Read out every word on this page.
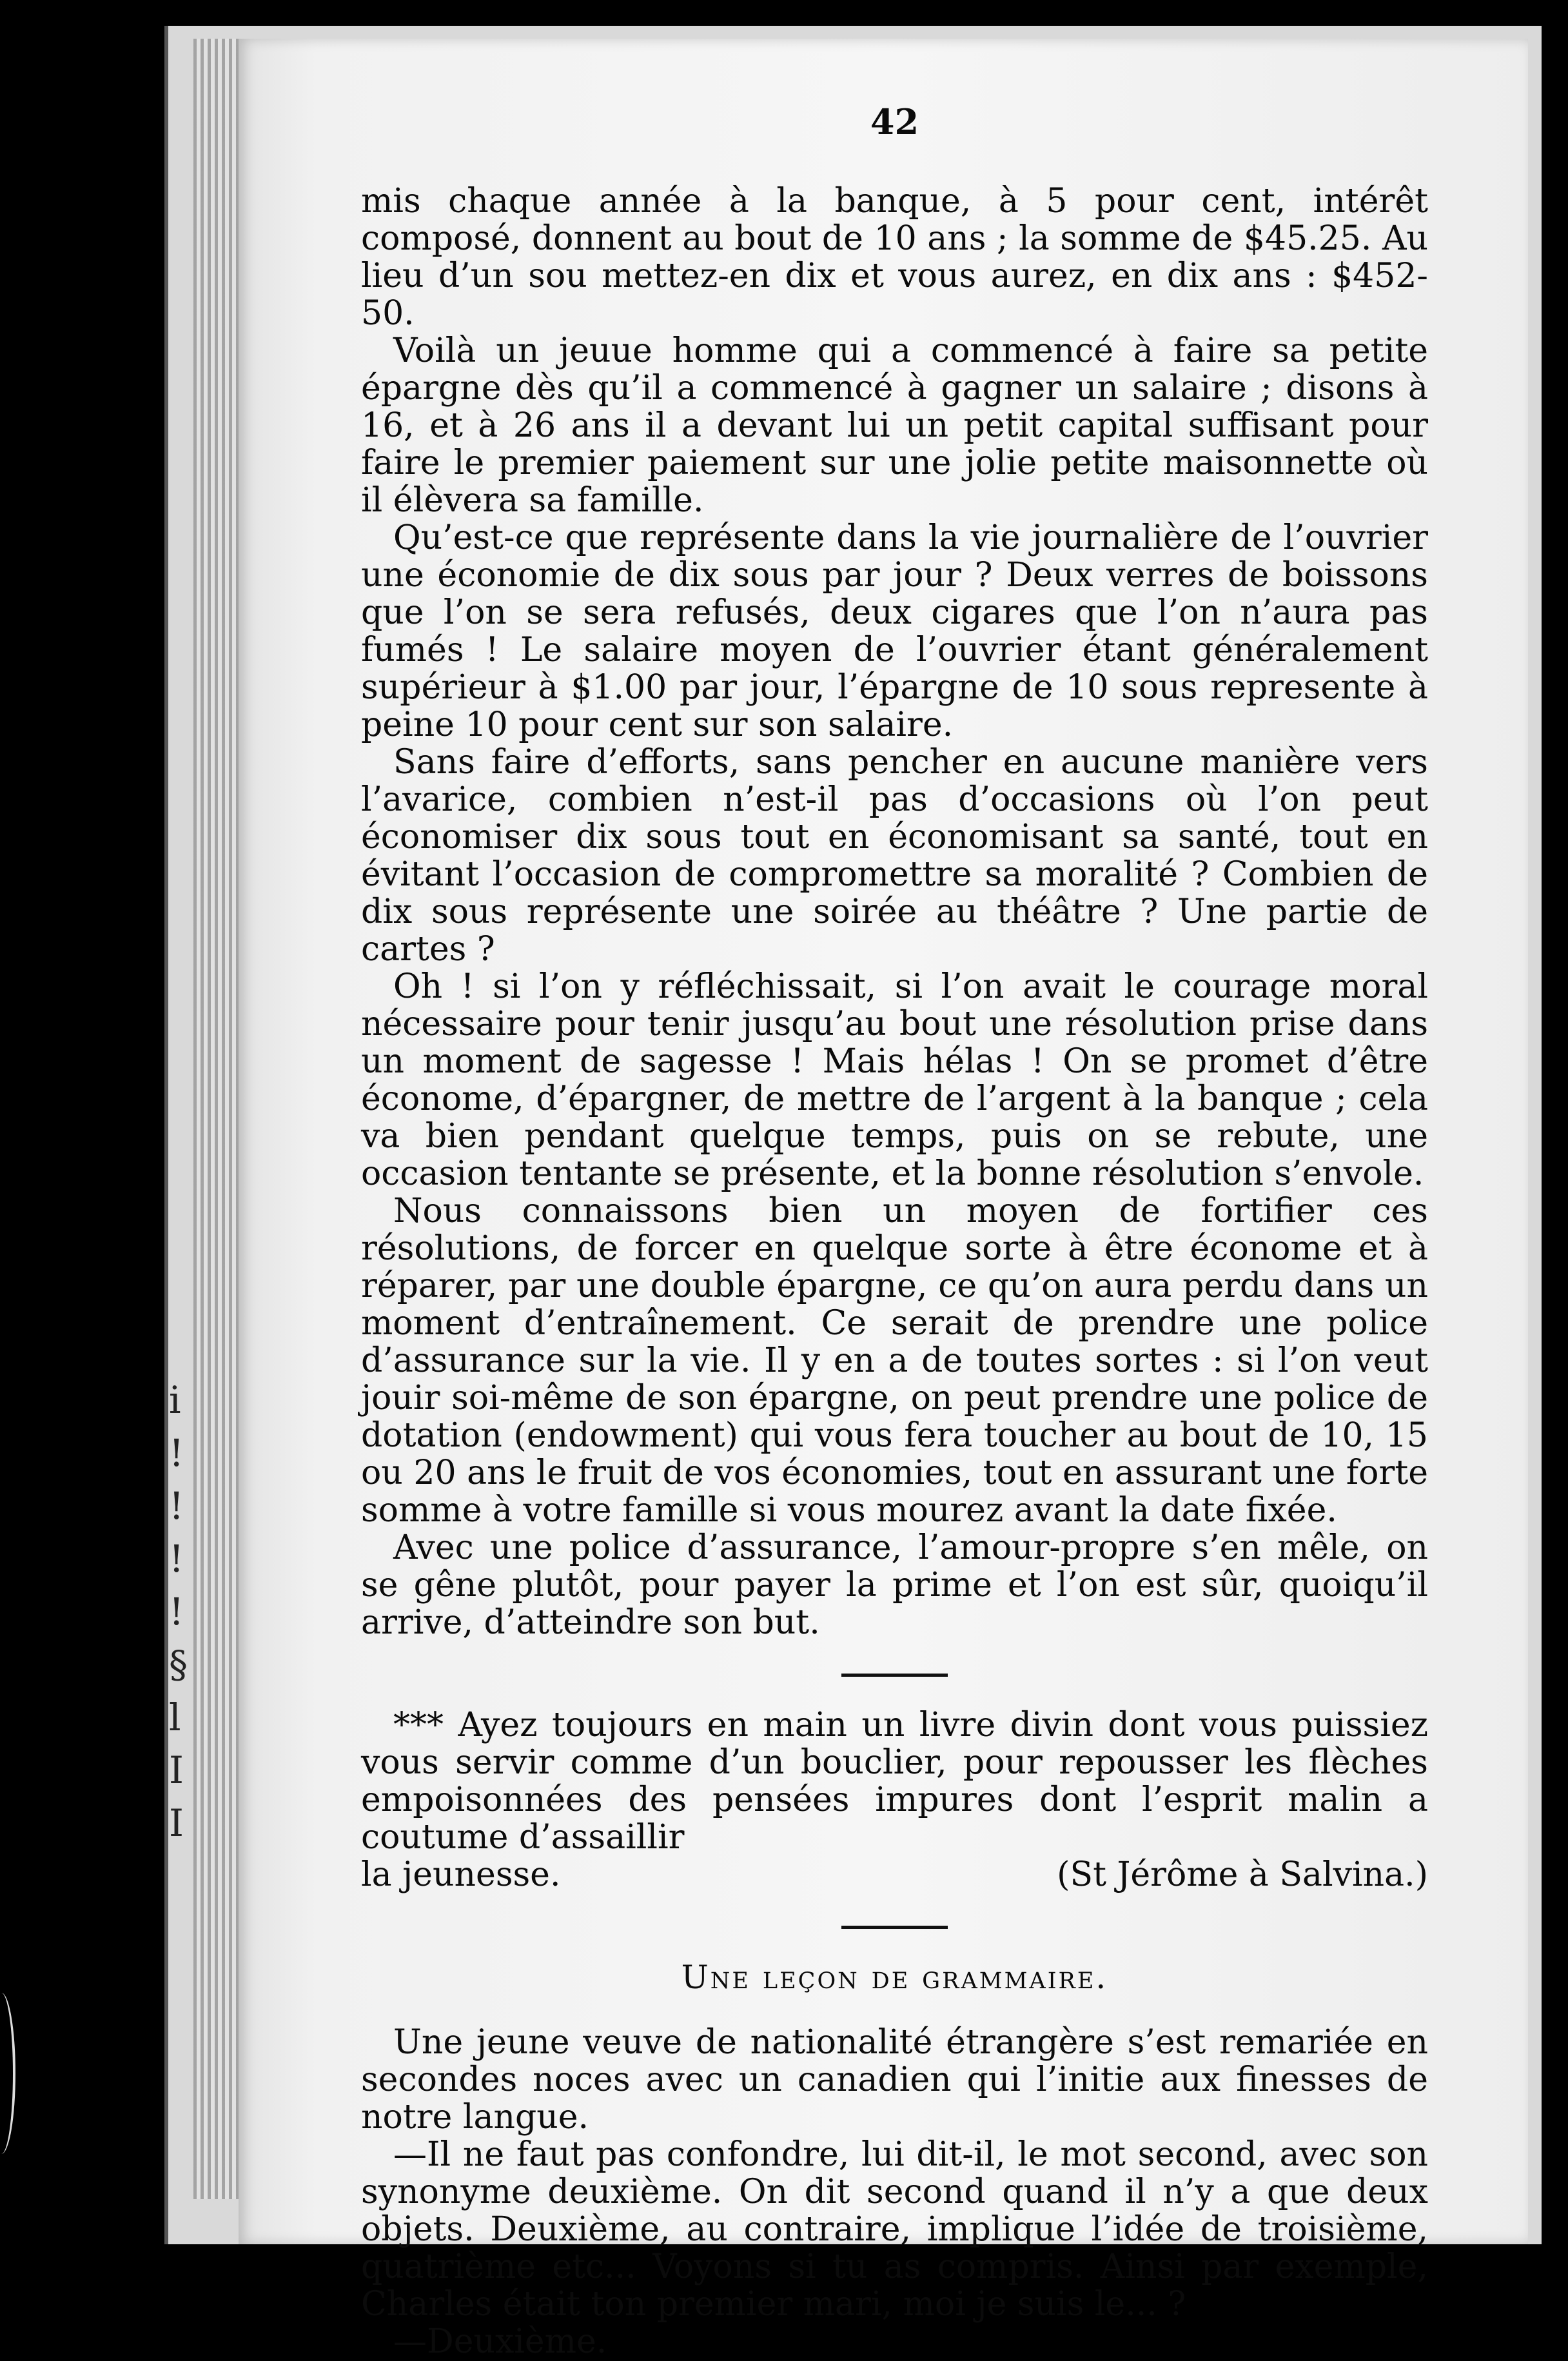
i
!
!
!
!
§
l
I
I
42

mis chaque année à la banque, à 5 pour cent, intérêt composé, donnent au bout de 10 ans ; la somme de $45.25. Au lieu d’un sou mettez-en dix et vous aurez, en dix ans : $452-50.

Voilà un jeuue homme qui a commencé à faire sa petite épargne dès qu’il a commencé à gagner un salaire ; disons à 16, et à 26 ans il a devant lui un petit capital suffisant pour faire le premier paiement sur une jolie petite maisonnette où il élèvera sa famille.

Qu’est-ce que représente dans la vie journalière de l’ouvrier une économie de dix sous par jour ? Deux verres de boissons que l’on se sera refusés, deux cigares que l’on n’aura pas fumés ! Le salaire moyen de l’ouvrier étant généralement supérieur à $1.00 par jour, l’épargne de 10 sous represente à peine 10 pour cent sur son salaire.

Sans faire d’efforts, sans pencher en aucune manière vers l’avarice, combien n’est-il pas d’occasions où l’on peut économiser dix sous tout en économisant sa santé, tout en évitant l’occasion de compromettre sa moralité ? Combien de dix sous représente une soirée au théâtre ? Une partie de cartes ?

Oh ! si l’on y réfléchissait, si l’on avait le courage moral nécessaire pour tenir jusqu’au bout une résolution prise dans un moment de sagesse ! Mais hélas ! On se promet d’être économe, d’épargner, de mettre de l’argent à la banque ; cela va bien pendant quelque temps, puis on se rebute, une occasion tentante se présente, et la bonne résolution s’envole.

Nous connaissons bien un moyen de fortifier ces résolutions, de forcer en quelque sorte à être économe et à réparer, par une double épargne, ce qu’on aura perdu dans un moment d’entraînement. Ce serait de prendre une police d’assurance sur la vie. Il y en a de toutes sortes : si l’on veut jouir soi-même de son épargne, on peut prendre une police de dotation (endowment) qui vous fera toucher au bout de 10, 15 ou 20 ans le fruit de vos économies, tout en assurant une forte somme à votre famille si vous mourez avant la date fixée.

Avec une police d’assurance, l’amour-propre s’en mêle, on se gêne plutôt, pour payer la prime et l’on est sûr, quoiqu’il arrive, d’atteindre son but.

*** Ayez toujours en main un livre divin dont vous puissiez vous servir comme d’un bouclier, pour repousser les flèches empoisonnées des pensées impures dont l’esprit malin a coutume d’assaillir

la jeunesse.	(St Jérôme à Salvina.)
Une leçon de grammaire.

Une jeune veuve de nationalité étrangère s’est remariée en secondes noces avec un canadien qui l’initie aux finesses de notre langue.

—Il ne faut pas confondre, lui dit-il, le mot second, avec son synonyme deuxième. On dit second quand il n’y a que deux objets. Deuxième, au contraire, implique l’idée de troisième, quatrième etc... Voyons si tu as compris. Ainsi par exemple, Charles était ton premier mari, moi je suis le... ?

—Deuxième.
